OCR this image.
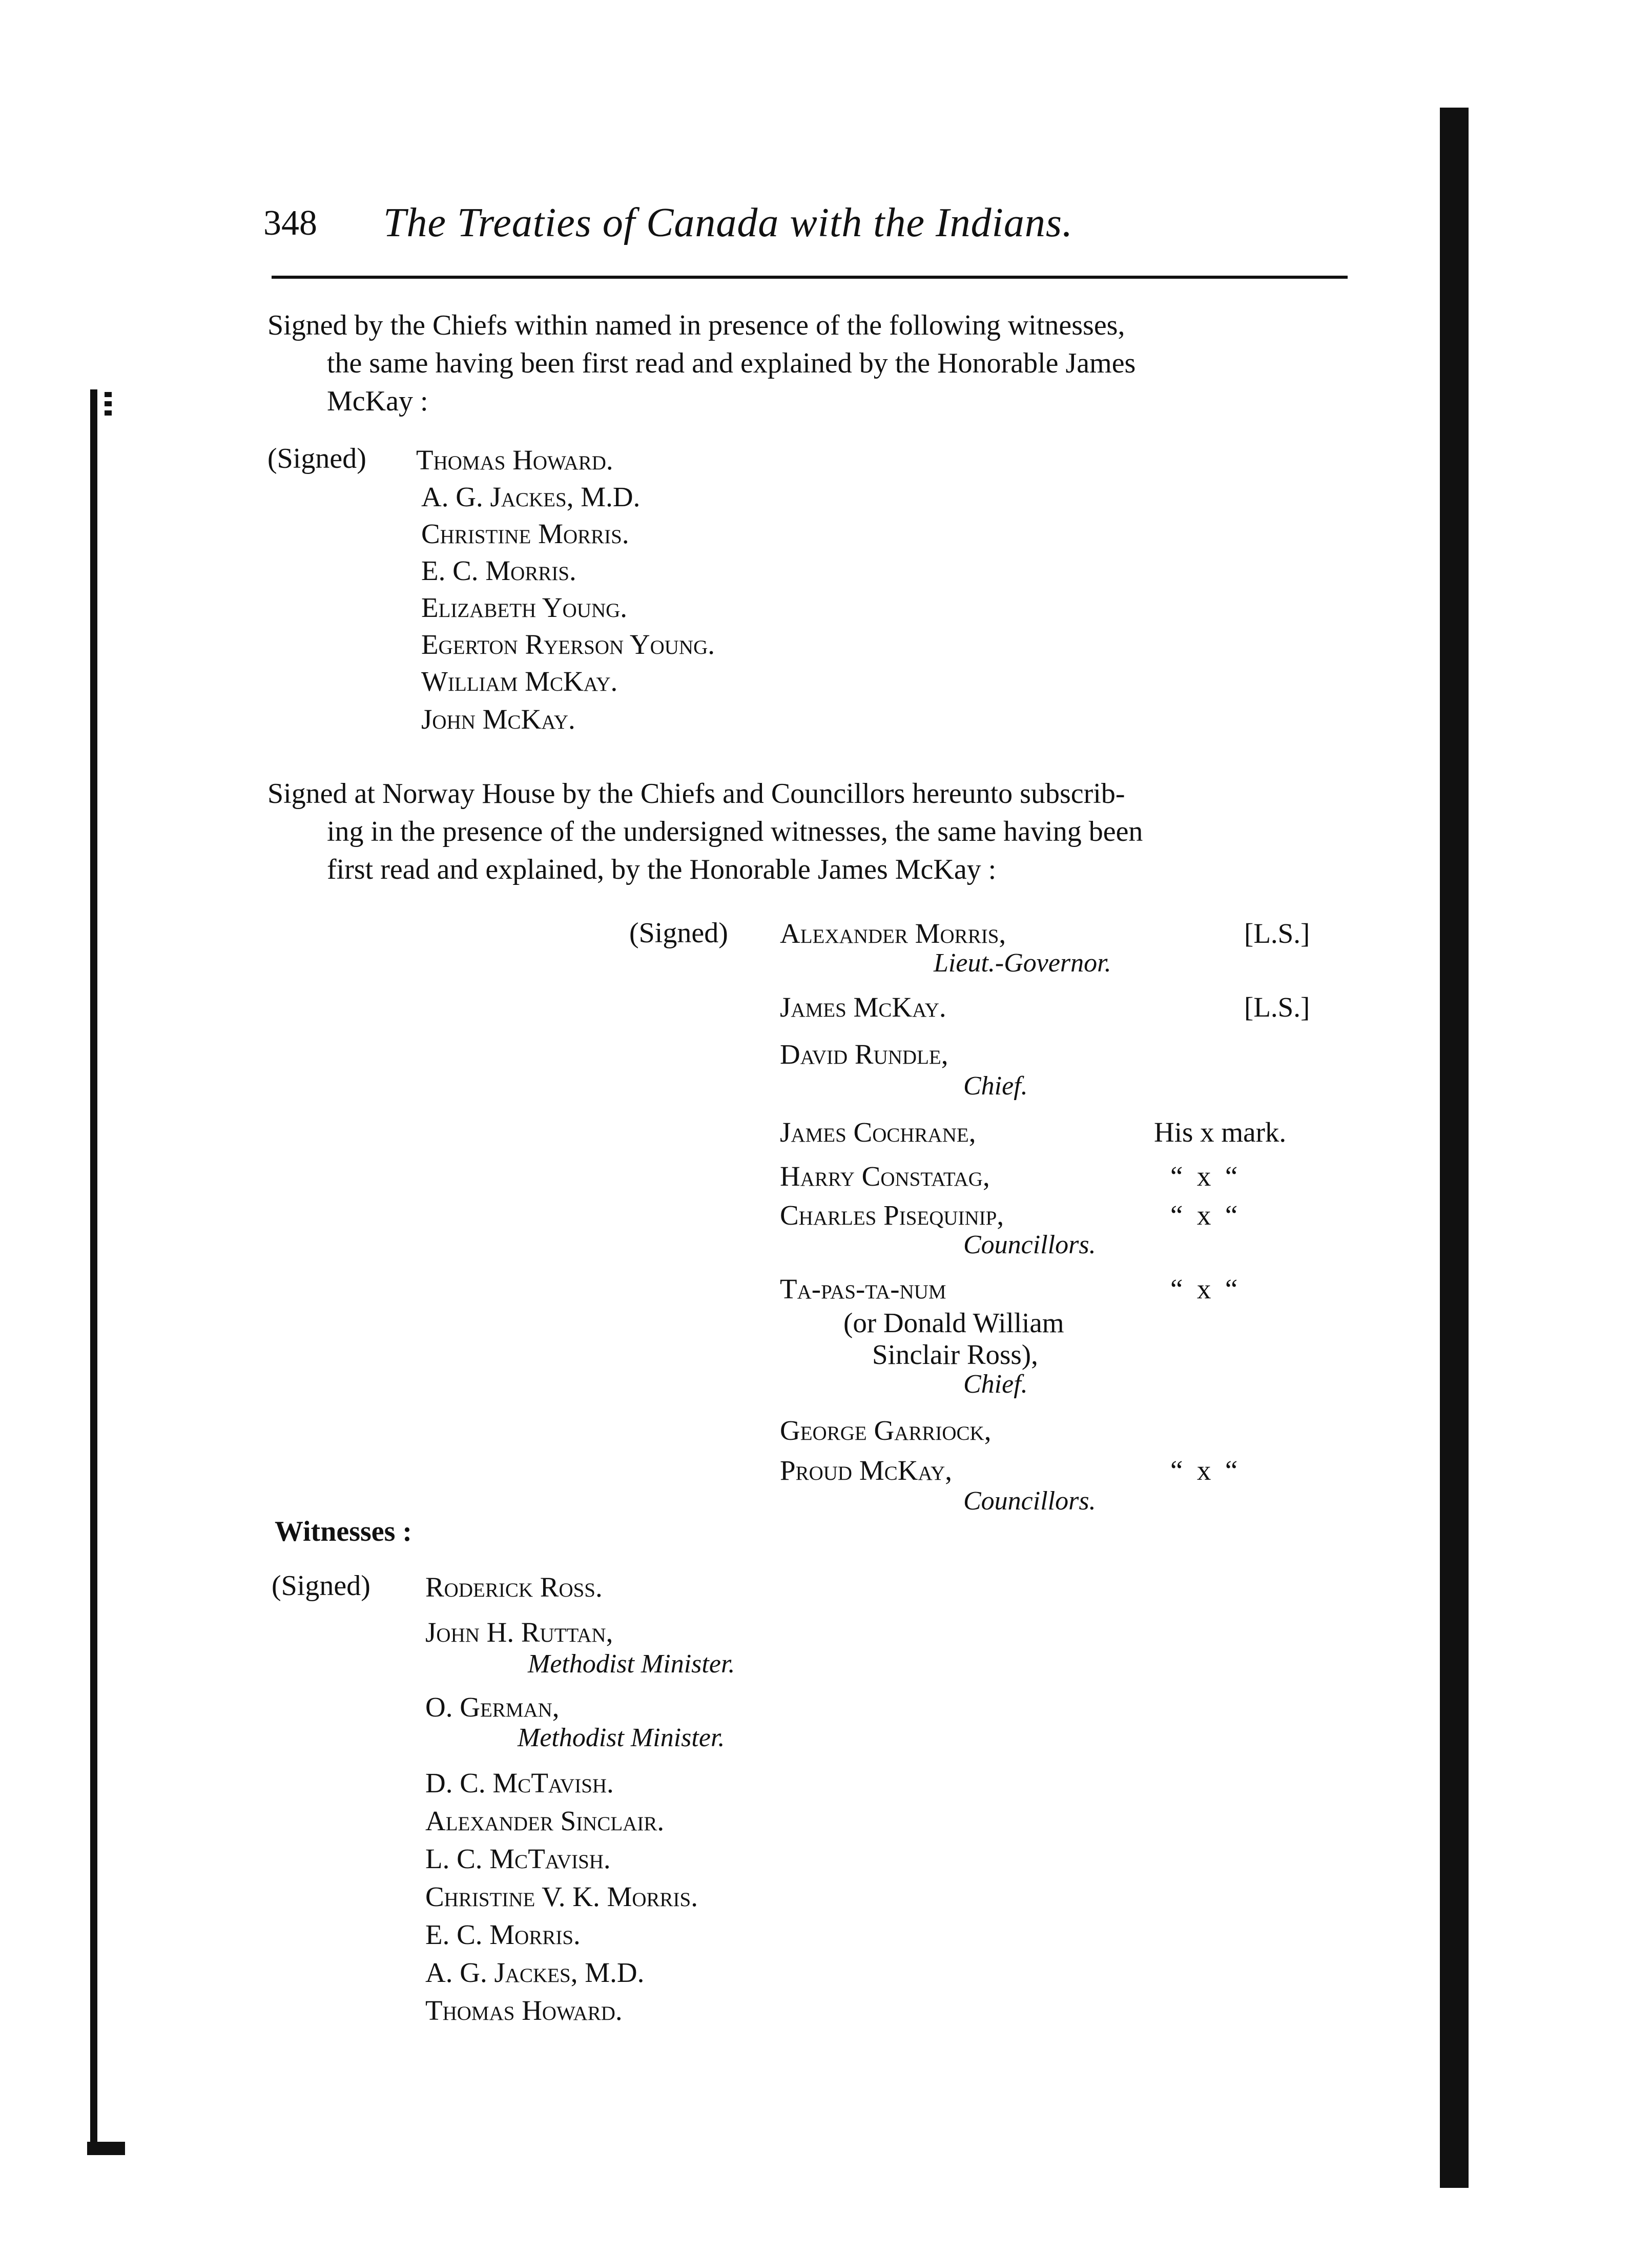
348 The Treaties of Canada with the Indians.
Signed by the Chiefs within named in presence of the following witnesses,
the same having been first read and explained by the Honorable James
McKay :
(Signed) Thomas Howard.
A. G. Jackes, M.D.
Christine Morris.
E. C. Morris.
Elizabeth Young.
Egerton Ryerson Young.
William McKay.
John McKay.
Signed at Norway House by the Chiefs and Councillors hereunto subscrib-
ing in the presence of the undersigned witnesses, the same having been
first read and explained, by the Honorable James McKay :
(Signed) Alexander Morris,	[L.S.]
Lieut.-Governor.
James McKay.	[L.S.]
David Rundle,
Chief.
James Cochrane,	His x mark.
Harry Constatag,	“  x  “
Charles Pisequinip,	“  x  “
Councillors.
Ta-pas-ta-num	“  x  “
(or Donald William
Sinclair Ross),
Chief.
George Garriock,
Proud McKay,	“  x  “
Councillors.
Witnesses :
(Signed) Roderick Ross.
John H. Ruttan,
Methodist Minister.
O. German,
Methodist Minister.
D. C. McTavish.
Alexander Sinclair.
L. C. McTavish.
Christine V. K. Morris.
E. C. Morris.
A. G. Jackes, M.D.
Thomas Howard.
